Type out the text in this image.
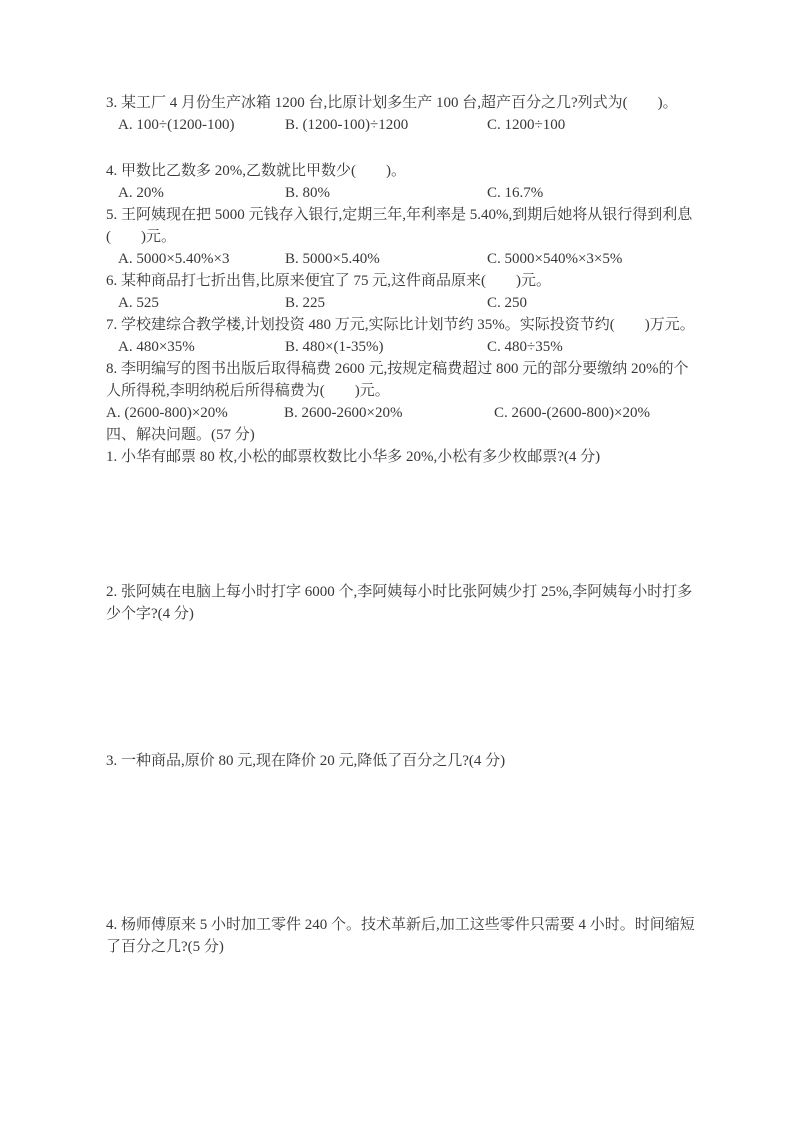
3. 某工厂 4 月份生产冰箱 1200 台,比原计划多生产 100 台,超产百分之几?列式为(　　)。

A. 100÷(1200-100)	B. (1200-100)÷1200	C. 1200÷100

4. 甲数比乙数多 20%,乙数就比甲数少(　　)。

A. 20%	B. 80%	C. 16.7%

5. 王阿姨现在把 5000 元钱存入银行,定期三年,年利率是 5.40%,到期后她将从银行得到利息(　　)元。

A. 5000×5.40%×3	B. 5000×5.40%	C. 5000×540%×3×5%

6. 某种商品打七折出售,比原来便宜了 75 元,这件商品原来(　　)元。

A. 525	B. 225	C. 250

7. 学校建综合教学楼,计划投资 480 万元,实际比计划节约 35%。实际投资节约(　　)万元。

A. 480×35%	B. 480×(1-35%)	C. 480÷35%

8. 李明编写的图书出版后取得稿费 2600 元,按规定稿费超过 800 元的部分要缴纳 20%的个人所得税,李明纳税后所得稿费为(　　)元。

A. (2600-800)×20%	B. 2600-2600×20%	C. 2600-(2600-800)×20%

四、解决问题。(57 分)

1. 小华有邮票 80 枚,小松的邮票枚数比小华多 20%,小松有多少枚邮票?(4 分)

2. 张阿姨在电脑上每小时打字 6000 个,李阿姨每小时比张阿姨少打 25%,李阿姨每小时打多少个字?(4 分)

3. 一种商品,原价 80 元,现在降价 20 元,降低了百分之几?(4 分)

4. 杨师傅原来 5 小时加工零件 240 个。技术革新后,加工这些零件只需要 4 小时。时间缩短了百分之几?(5 分)
